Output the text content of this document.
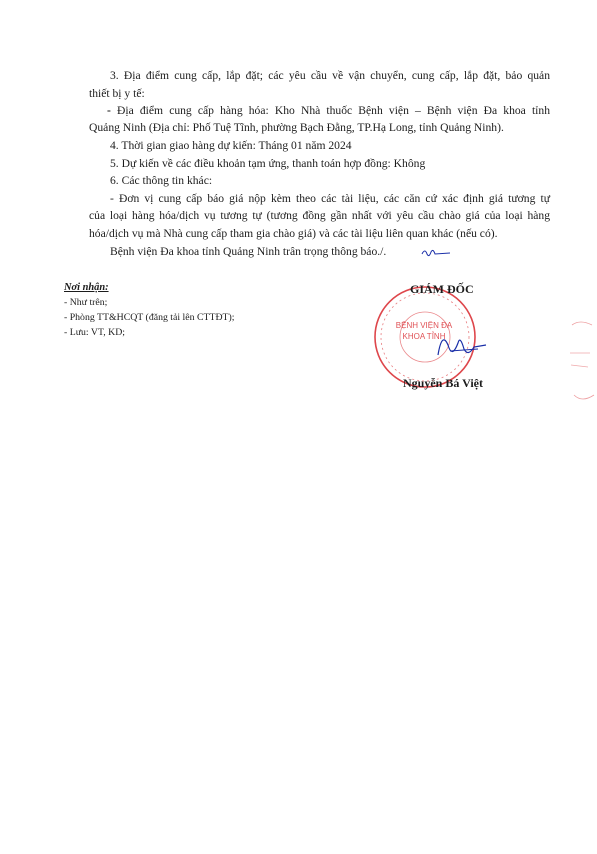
3. Địa điểm cung cấp, lắp đặt; các yêu cầu về vận chuyển, cung cấp, lắp đặt, bảo quản
thiết bị y tế:
- Địa điểm cung cấp hàng hóa: Kho Nhà thuốc Bệnh viện – Bệnh viện Đa khoa tỉnh
Quảng Ninh (Địa chỉ: Phố Tuệ Tĩnh, phường Bạch Đằng, TP.Hạ Long, tỉnh Quảng Ninh).
4. Thời gian giao hàng dự kiến: Tháng 01 năm 2024
5. Dự kiến về các điều khoản tạm ứng, thanh toán hợp đồng: Không
6. Các thông tin khác:
- Đơn vị cung cấp báo giá nộp kèm theo các tài liệu, các căn cứ xác định giá tương tự
của loại hàng hóa/dịch vụ tương tự (tương đồng gần nhất với yêu cầu chào giá của loại hàng
hóa/dịch vụ mà Nhà cung cấp tham gia chào giá) và các tài liệu liên quan khác (nếu có).
Bệnh viện Đa khoa tỉnh Quảng Ninh trân trọng thông báo./.
Nơi nhận:
- Như trên;
- Phòng TT&HCQT (đăng tải lên CTTĐT);
- Lưu: VT, KD;
BỆNH VIỆN ĐA KHOA TỈNH
GIÁM ĐỐC
Nguyễn Bá Việt
